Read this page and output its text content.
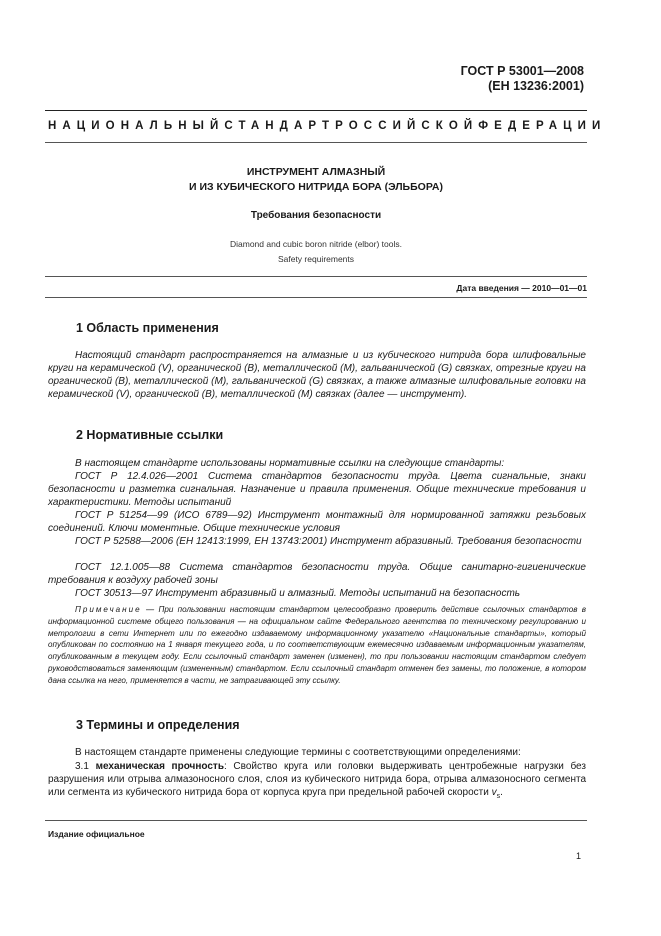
ГОСТ Р 53001—2008
(ЕН 13236:2001)
НАЦИОНАЛЬНЫЙ СТАНДАРТ РОССИЙСКОЙ ФЕДЕРАЦИИ
ИНСТРУМЕНТ АЛМАЗНЫЙ
И ИЗ КУБИЧЕСКОГО НИТРИДА БОРА (ЭЛЬБОРА)
Требования безопасности
Diamond and cubic boron nitride (elbor) tools.
Safety requirements
Дата введения — 2010—01—01
1 Область применения
Настоящий стандарт распространяется на алмазные и из кубического нитрида бора шлифовальные круги на керамической (V), органической (B), металлической (M), гальванической (G) связках, отрезные круги на органической (B), металлической (M), гальванической (G) связках, а также алмазные шлифовальные головки на керамической (V), органической (B), металлической (M) связках (далее — инструмент).
2 Нормативные ссылки
В настоящем стандарте использованы нормативные ссылки на следующие стандарты:
ГОСТ Р 12.4.026—2001 Система стандартов безопасности труда. Цвета сигнальные, знаки безопасности и разметка сигнальная. Назначение и правила применения. Общие технические требования и характеристики. Методы испытаний
ГОСТ Р 51254—99 (ИСО 6789—92) Инструмент монтажный для нормированной затяжки резьбовых соединений. Ключи моментные. Общие технические условия
ГОСТ Р 52588—2006 (ЕН 12413:1999, ЕН 13743:2001) Инструмент абразивный. Требования безопасности
ГОСТ 12.1.005—88 Система стандартов безопасности труда. Общие санитарно-гигиенические требования к воздуху рабочей зоны
ГОСТ 30513—97 Инструмент абразивный и алмазный. Методы испытаний на безопасность
Примечание — При пользовании настоящим стандартом целесообразно проверить действие ссылочных стандартов в информационной системе общего пользования — на официальном сайте Федерального агентства по техническому регулированию и метрологии в сети Интернет или по ежегодно издаваемому информационному указателю «Национальные стандарты», который опубликован по состоянию на 1 января текущего года, и по соответствующим ежемесячно издаваемым информационным указателям, опубликованным в текущем году. Если ссылочный стандарт заменен (изменен), то при пользовании настоящим стандартом следует руководствоваться заменяющим (измененным) стандартом. Если ссылочный стандарт отменен без замены, то положение, в котором дана ссылка на него, применяется в части, не затрагивающей эту ссылку.
3 Термины и определения
В настоящем стандарте применены следующие термины с соответствующими определениями:
3.1 механическая прочность: Свойство круга или головки выдерживать центробежные нагрузки без разрушения или отрыва алмазоносного слоя, слоя из кубического нитрида бора, отрыва алмазоносного сегмента или сегмента из кубического нитрида бора от корпуса круга при предельной рабочей скорости $v_s$.
Издание официальное
1
